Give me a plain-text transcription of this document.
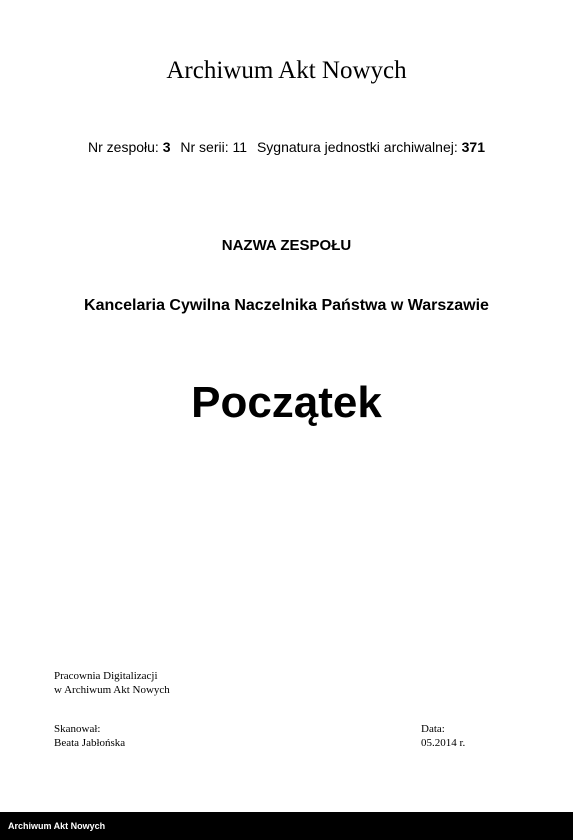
Archiwum Akt Nowych
Nr zespołu: 3 Nr serii: 11 Sygnatura jednostki archiwalnej: 371
NAZWA ZESPOŁU
Kancelaria Cywilna Naczelnika Państwa w Warszawie
Początek
Pracownia Digitalizacji
w Archiwum Akt Nowych
Skanował:
Beata Jabłońska
Data:
05.2014 r.
Archiwum Akt Nowych
